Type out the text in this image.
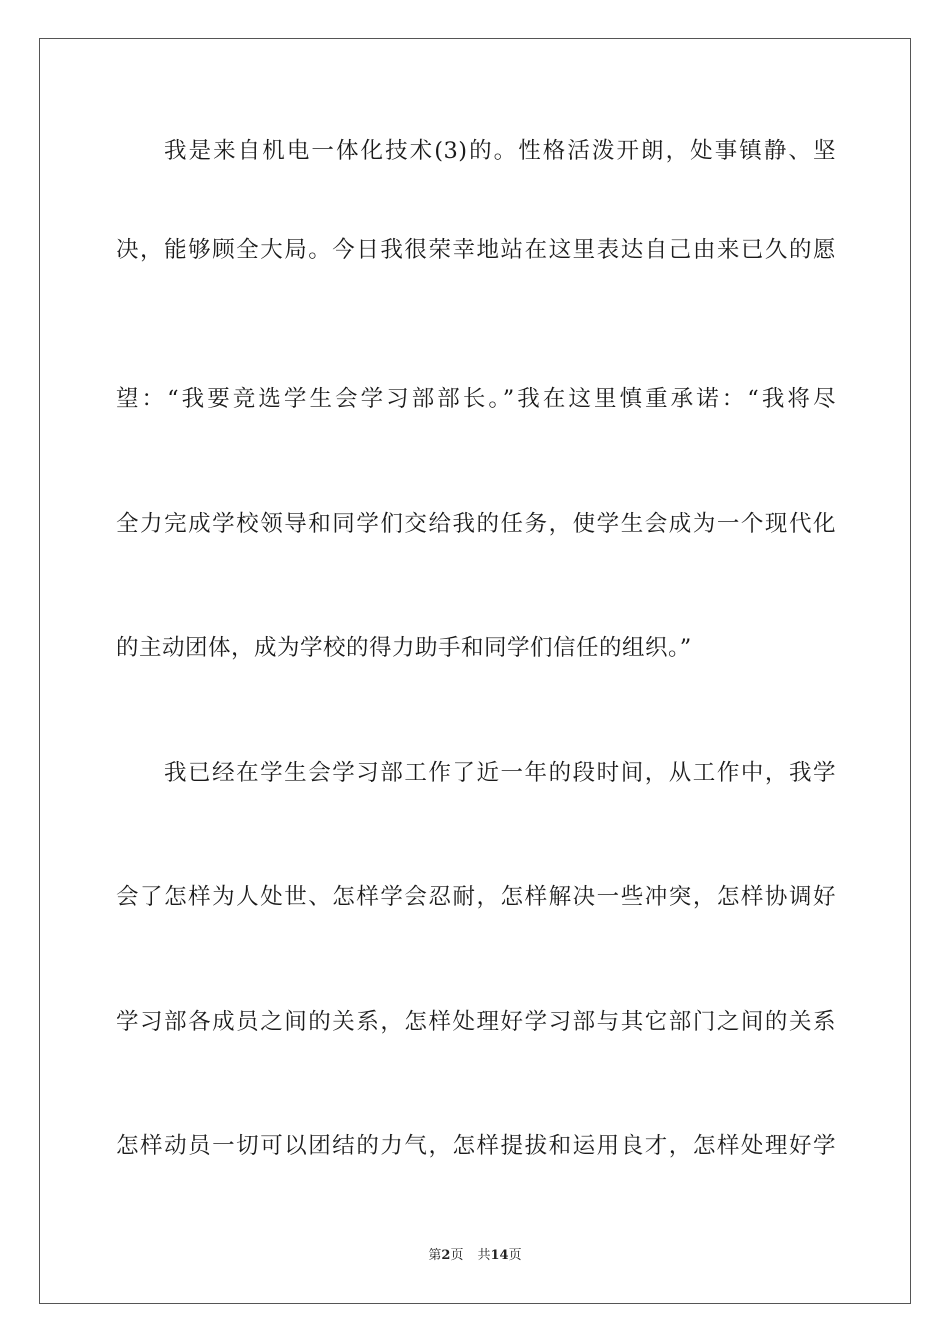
我是来自机电一体化技术(3)的。性格活泼开朗，处事镇静、坚
决，能够顾全大局。今日我很荣幸地站在这里表达自己由来已久的愿
望：“我要竞选学生会学习部部长。”我在这里慎重承诺：“我将尽
全力完成学校领导和同学们交给我的任务，使学生会成为一个现代化
的主动团体，成为学校的得力助手和同学们信任的组织。”
我已经在学生会学习部工作了近一年的段时间，从工作中，我学
会了怎样为人处世、怎样学会忍耐，怎样解决一些冲突，怎样协调好
学习部各成员之间的关系，怎样处理好学习部与其它部门之间的关系
怎样动员一切可以团结的力气，怎样提拔和运用良才，怎样处理好学
第2页 共14页
